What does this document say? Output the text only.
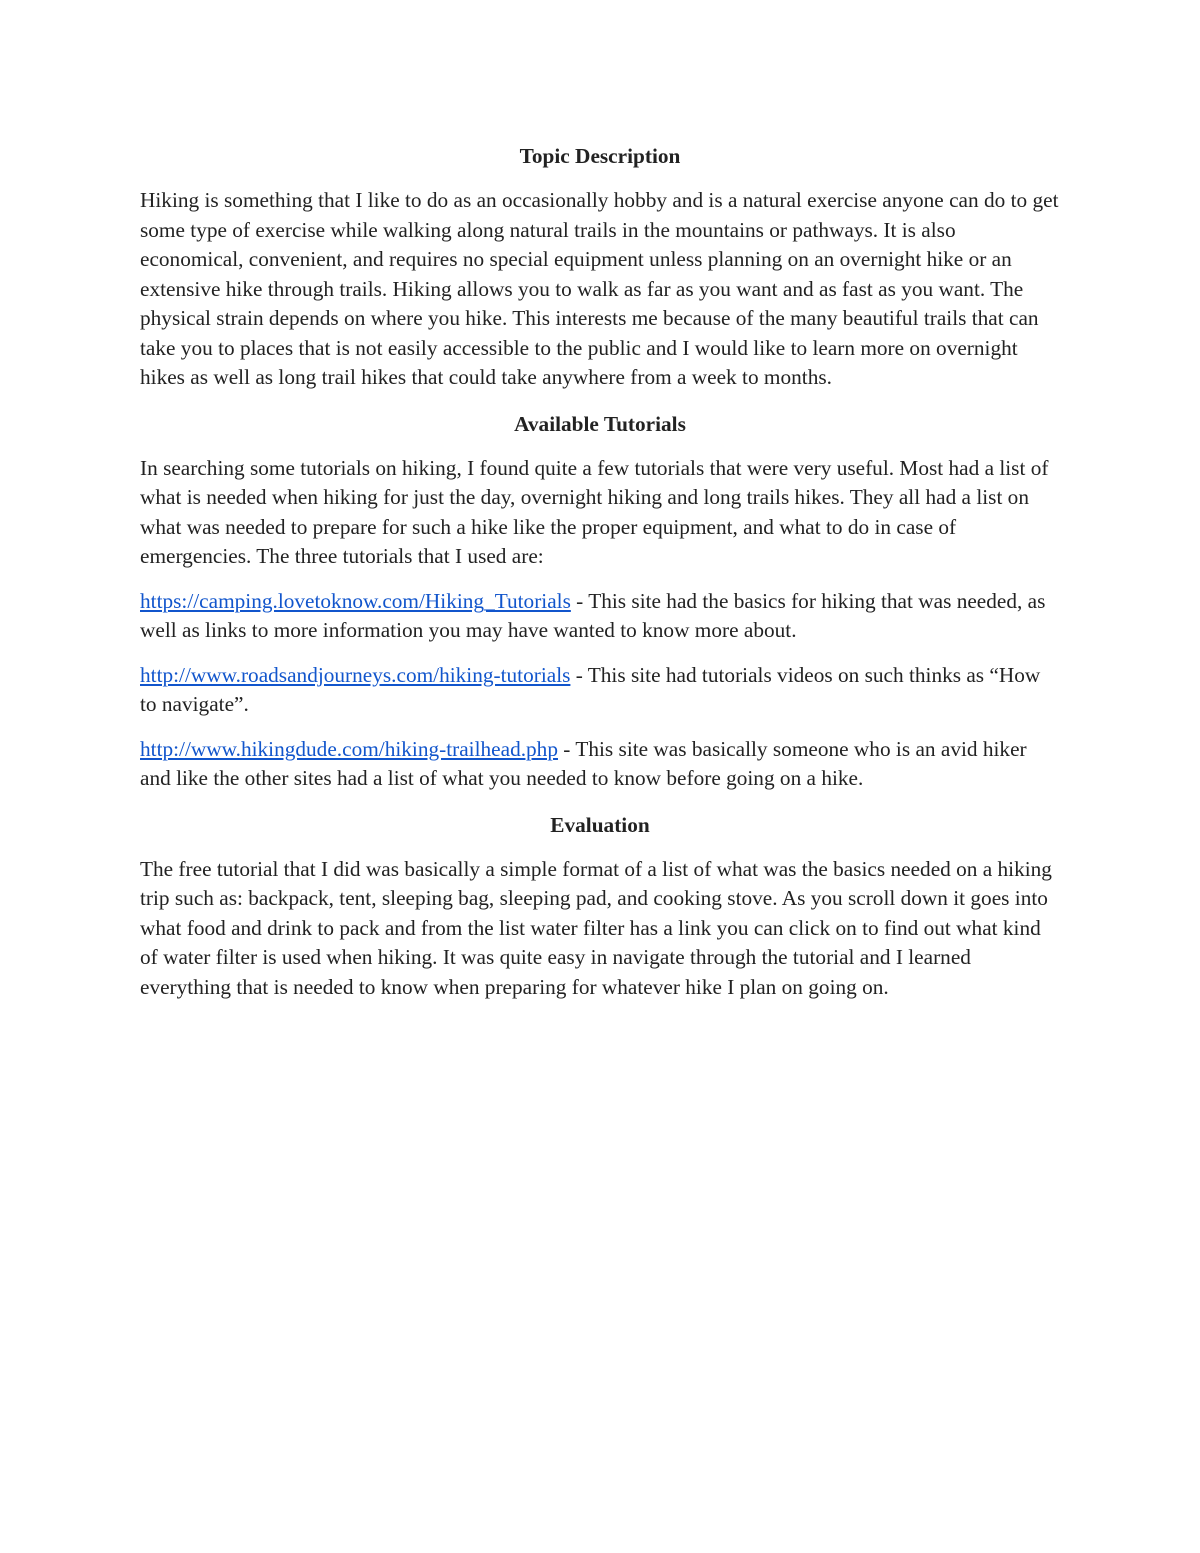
Topic Description

Hiking is something that I like to do as an occasionally hobby and is a natural exercise anyone can do to get some type of exercise while walking along natural trails in the mountains or pathways. It is also economical, convenient, and requires no special equipment unless planning on an overnight hike or an extensive hike through trails. Hiking allows you to walk as far as you want and as fast as you want. The physical strain depends on where you hike. This interests me because of the many beautiful trails that can take you to places that is not easily accessible to the public and I would like to learn more on overnight hikes as well as long trail hikes that could take anywhere from a week to months.

Available Tutorials

In searching some tutorials on hiking, I found quite a few tutorials that were very useful. Most had a list of what is needed when hiking for just the day, overnight hiking and long trails hikes. They all had a list on what was needed to prepare for such a hike like the proper equipment, and what to do in case of emergencies. The three tutorials that I used are:

https://camping.lovetoknow.com/Hiking_Tutorials - This site had the basics for hiking that was needed, as well as links to more information you may have wanted to know more about.

http://www.roadsandjourneys.com/hiking-tutorials - This site had tutorials videos on such thinks as “How to navigate”.

http://www.hikingdude.com/hiking-trailhead.php - This site was basically someone who is an avid hiker and like the other sites had a list of what you needed to know before going on a hike.

Evaluation

The free tutorial that I did was basically a simple format of a list of what was the basics needed on a hiking trip such as: backpack, tent, sleeping bag, sleeping pad, and cooking stove. As you scroll down it goes into what food and drink to pack and from the list water filter has a link you can click on to find out what kind of water filter is used when hiking. It was quite easy in navigate through the tutorial and I learned everything that is needed to know when preparing for whatever hike I plan on going on.
